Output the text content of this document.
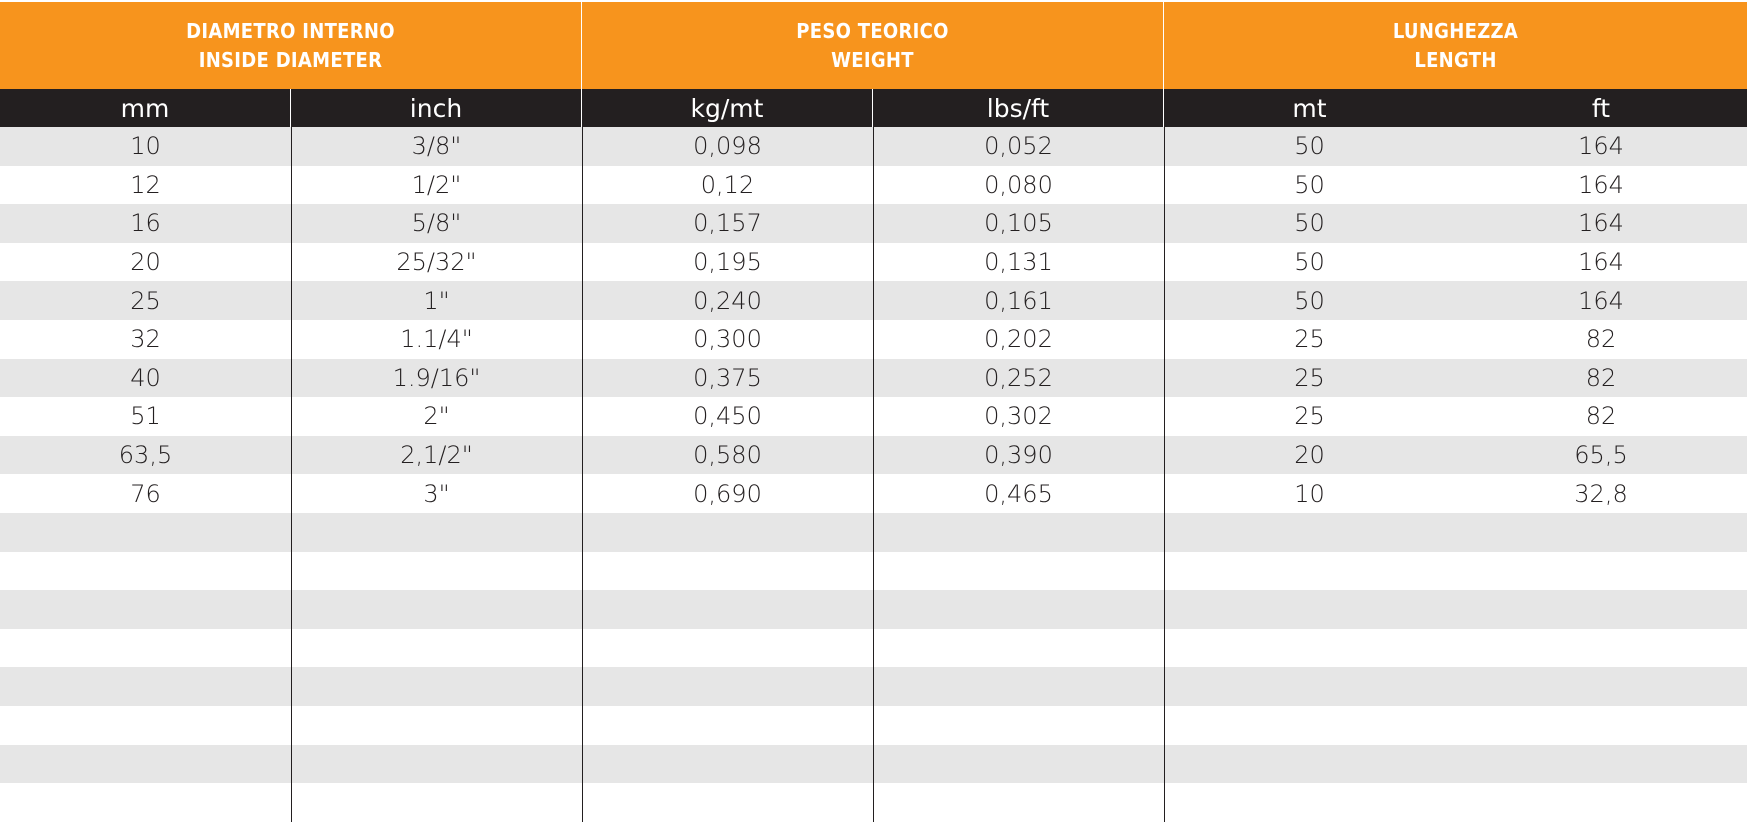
DIAMETRO INTERNO
INSIDE DIAMETER
PESO TEORICO
WEIGHT
LUNGHEZZA
LENGTH
mm	inch	kg/mt	lbs/ft	mt	ft
10	3/8"	0,098	0,052	50	164
12	1/2"	0,12	0,080	50	164
16	5/8"	0,157	0,105	50	164
20	25/32"	0,195	0,131	50	164
25	1"	0,240	0,161	50	164
32	1.1/4"	0,300	0,202	25	82
40	1.9/16"	0,375	0,252	25	82
51	2"	0,450	0,302	25	82
63,5	2,1/2"	0,580	0,390	20	65,5
76	3"	0,690	0,465	10	32,8
